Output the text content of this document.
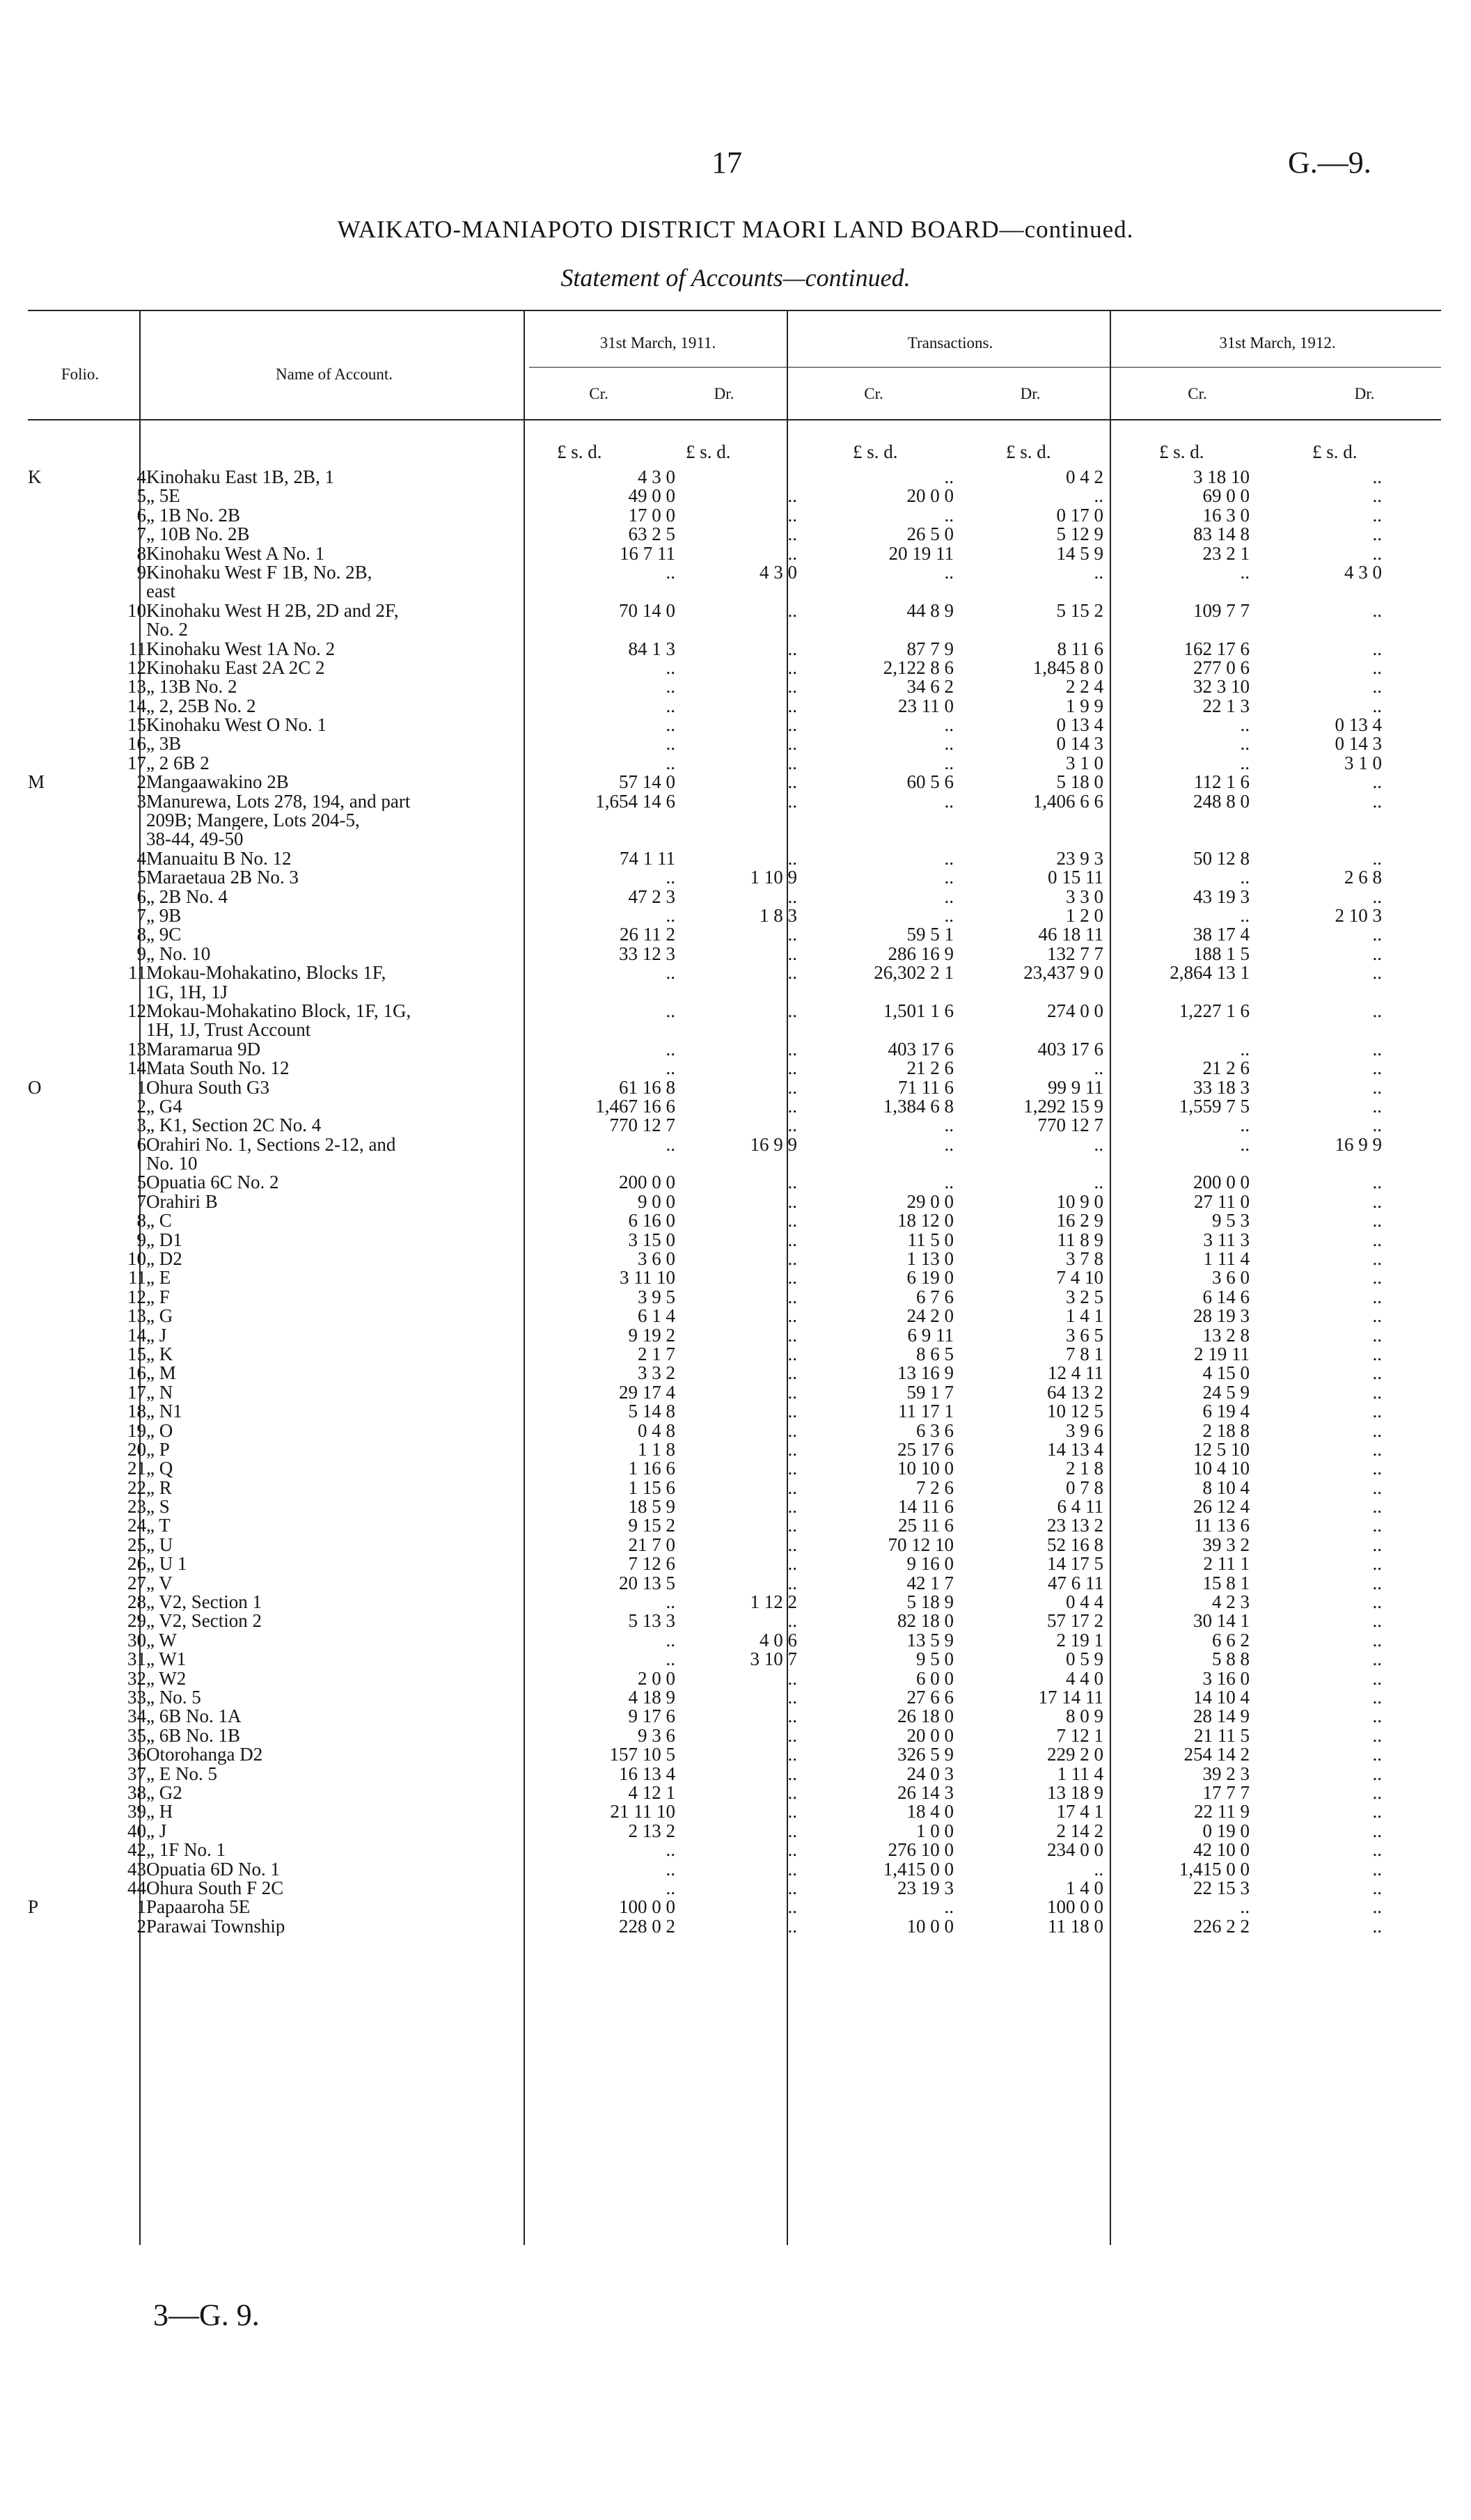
17	G.—9.
WAIKATO-MANIAPOTO DISTRICT MAORI LAND BOARD—continued.
Statement of Accounts—continued.
Folio.	Name of Account.
31st March, 1911.	Transactions.	31st March, 1912.
Cr.	Dr.	Cr.	Dr.	Cr.	Dr.
£ s. d.	£ s. d.	£ s. d.	£ s. d.	£ s. d.	£ s. d.
K	4	Kinohaku East 1B, 2B, 1	4 3 0		..	0 4 2	3 18 10	..
	5	„ 5E	49 0 0	..	20 0 0	..	69 0 0	..
	6	„ 1B No. 2B	17 0 0	..	..	0 17 0	16 3 0	..
	7	„ 10B No. 2B	63 2 5	..	26 5 0	5 12 9	83 14 8	..
	8	Kinohaku West A No. 1	16 7 11	..	20 19 11	14 5 9	23 2 1	..
	9	Kinohaku West F 1B, No. 2B,	..	4 3 0	..	..	..	4 3 0
		east						
	10	Kinohaku West H 2B, 2D and 2F,	70 14 0	..	44 8 9	5 15 2	109 7 7	..
		No. 2						
	11	Kinohaku West 1A No. 2	84 1 3	..	87 7 9	8 11 6	162 17 6	..
	12	Kinohaku East 2A 2C 2	..	..	2,122 8 6	1,845 8 0	277 0 6	..
	13	„ 13B No. 2	..	..	34 6 2	2 2 4	32 3 10	..
	14	„ 2, 25B No. 2	..	..	23 11 0	1 9 9	22 1 3	..
	15	Kinohaku West O No. 1	..	..	..	0 13 4	..	0 13 4
	16	„ 3B	..	..	..	0 14 3	..	0 14 3
	17	„ 2 6B 2	..	..	..	3 1 0	..	3 1 0
M	2	Mangaawakino 2B	57 14 0	..	60 5 6	5 18 0	112 1 6	..
	3	Manurewa, Lots 278, 194, and part	1,654 14 6	..	..	1,406 6 6	248 8 0	..
		209B; Mangere, Lots 204-5,						
		38-44, 49-50						
	4	Manuaitu B No. 12	74 1 11	..	..	23 9 3	50 12 8	..
	5	Maraetaua 2B No. 3	..	1 10 9	..	0 15 11	..	2 6 8
	6	„ 2B No. 4	47 2 3	..	..	3 3 0	43 19 3	..
	7	„ 9B	..	1 8 3	..	1 2 0	..	2 10 3
	8	„ 9C	26 11 2	..	59 5 1	46 18 11	38 17 4	..
	9	„ No. 10	33 12 3	..	286 16 9	132 7 7	188 1 5	..
	11	Mokau-Mohakatino, Blocks 1F,	..	..	26,302 2 1	23,437 9 0	2,864 13 1	..
		1G, 1H, 1J						
	12	Mokau-Mohakatino Block, 1F, 1G,	..	..	1,501 1 6	274 0 0	1,227 1 6	..
		1H, 1J, Trust Account						
	13	Maramarua 9D	..	..	403 17 6	403 17 6	..	..
	14	Mata South No. 12	..	..	21 2 6	..	21 2 6	..
O	1	Ohura South G3	61 16 8	..	71 11 6	99 9 11	33 18 3	..
	2	„ G4	1,467 16 6	..	1,384 6 8	1,292 15 9	1,559 7 5	..
	3	„ K1, Section 2C No. 4	770 12 7	..	..	770 12 7	..	..
	6	Orahiri No. 1, Sections 2-12, and	..	16 9 9	..	..	..	16 9 9
		No. 10						
	5	Opuatia 6C No. 2	200 0 0	..	..	..	200 0 0	..
	7	Orahiri B	9 0 0	..	29 0 0	10 9 0	27 11 0	..
	8	„ C	6 16 0	..	18 12 0	16 2 9	9 5 3	..
	9	„ D1	3 15 0	..	11 5 0	11 8 9	3 11 3	..
	10	„ D2	3 6 0	..	1 13 0	3 7 8	1 11 4	..
	11	„ E	3 11 10	..	6 19 0	7 4 10	3 6 0	..
	12	„ F	3 9 5	..	6 7 6	3 2 5	6 14 6	..
	13	„ G	6 1 4	..	24 2 0	1 4 1	28 19 3	..
	14	„ J	9 19 2	..	6 9 11	3 6 5	13 2 8	..
	15	„ K	2 1 7	..	8 6 5	7 8 1	2 19 11	..
	16	„ M	3 3 2	..	13 16 9	12 4 11	4 15 0	..
	17	„ N	29 17 4	..	59 1 7	64 13 2	24 5 9	..
	18	„ N1	5 14 8	..	11 17 1	10 12 5	6 19 4	..
	19	„ O	0 4 8	..	6 3 6	3 9 6	2 18 8	..
	20	„ P	1 1 8	..	25 17 6	14 13 4	12 5 10	..
	21	„ Q	1 16 6	..	10 10 0	2 1 8	10 4 10	..
	22	„ R	1 15 6	..	7 2 6	0 7 8	8 10 4	..
	23	„ S	18 5 9	..	14 11 6	6 4 11	26 12 4	..
	24	„ T	9 15 2	..	25 11 6	23 13 2	11 13 6	..
	25	„ U	21 7 0	..	70 12 10	52 16 8	39 3 2	..
	26	„ U 1	7 12 6	..	9 16 0	14 17 5	2 11 1	..
	27	„ V	20 13 5	..	42 1 7	47 6 11	15 8 1	..
	28	„ V2, Section 1	..	1 12 2	5 18 9	0 4 4	4 2 3	..
	29	„ V2, Section 2	5 13 3	..	82 18 0	57 17 2	30 14 1	..
	30	„ W	..	4 0 6	13 5 9	2 19 1	6 6 2	..
	31	„ W1	..	3 10 7	9 5 0	0 5 9	5 8 8	..
	32	„ W2	2 0 0	..	6 0 0	4 4 0	3 16 0	..
	33	„ No. 5	4 18 9	..	27 6 6	17 14 11	14 10 4	..
	34	„ 6B No. 1A	9 17 6	..	26 18 0	8 0 9	28 14 9	..
	35	„ 6B No. 1B	9 3 6	..	20 0 0	7 12 1	21 11 5	..
	36	Otorohanga D2	157 10 5	..	326 5 9	229 2 0	254 14 2	..
	37	„ E No. 5	16 13 4	..	24 0 3	1 11 4	39 2 3	..
	38	„ G2	4 12 1	..	26 14 3	13 18 9	17 7 7	..
	39	„ H	21 11 10	..	18 4 0	17 4 1	22 11 9	..
	40	„ J	2 13 2	..	1 0 0	2 14 2	0 19 0	..
	42	„ 1F No. 1	..	..	276 10 0	234 0 0	42 10 0	..
	43	Opuatia 6D No. 1	..	..	1,415 0 0	..	1,415 0 0	..
	44	Ohura South F 2C	..	..	23 19 3	1 4 0	22 15 3	..
P	1	Papaaroha 5E	100 0 0	..	..	100 0 0	..	..
	2	Parawai Township	228 0 2	..	10 0 0	11 18 0	226 2 2	..
3—G. 9.
